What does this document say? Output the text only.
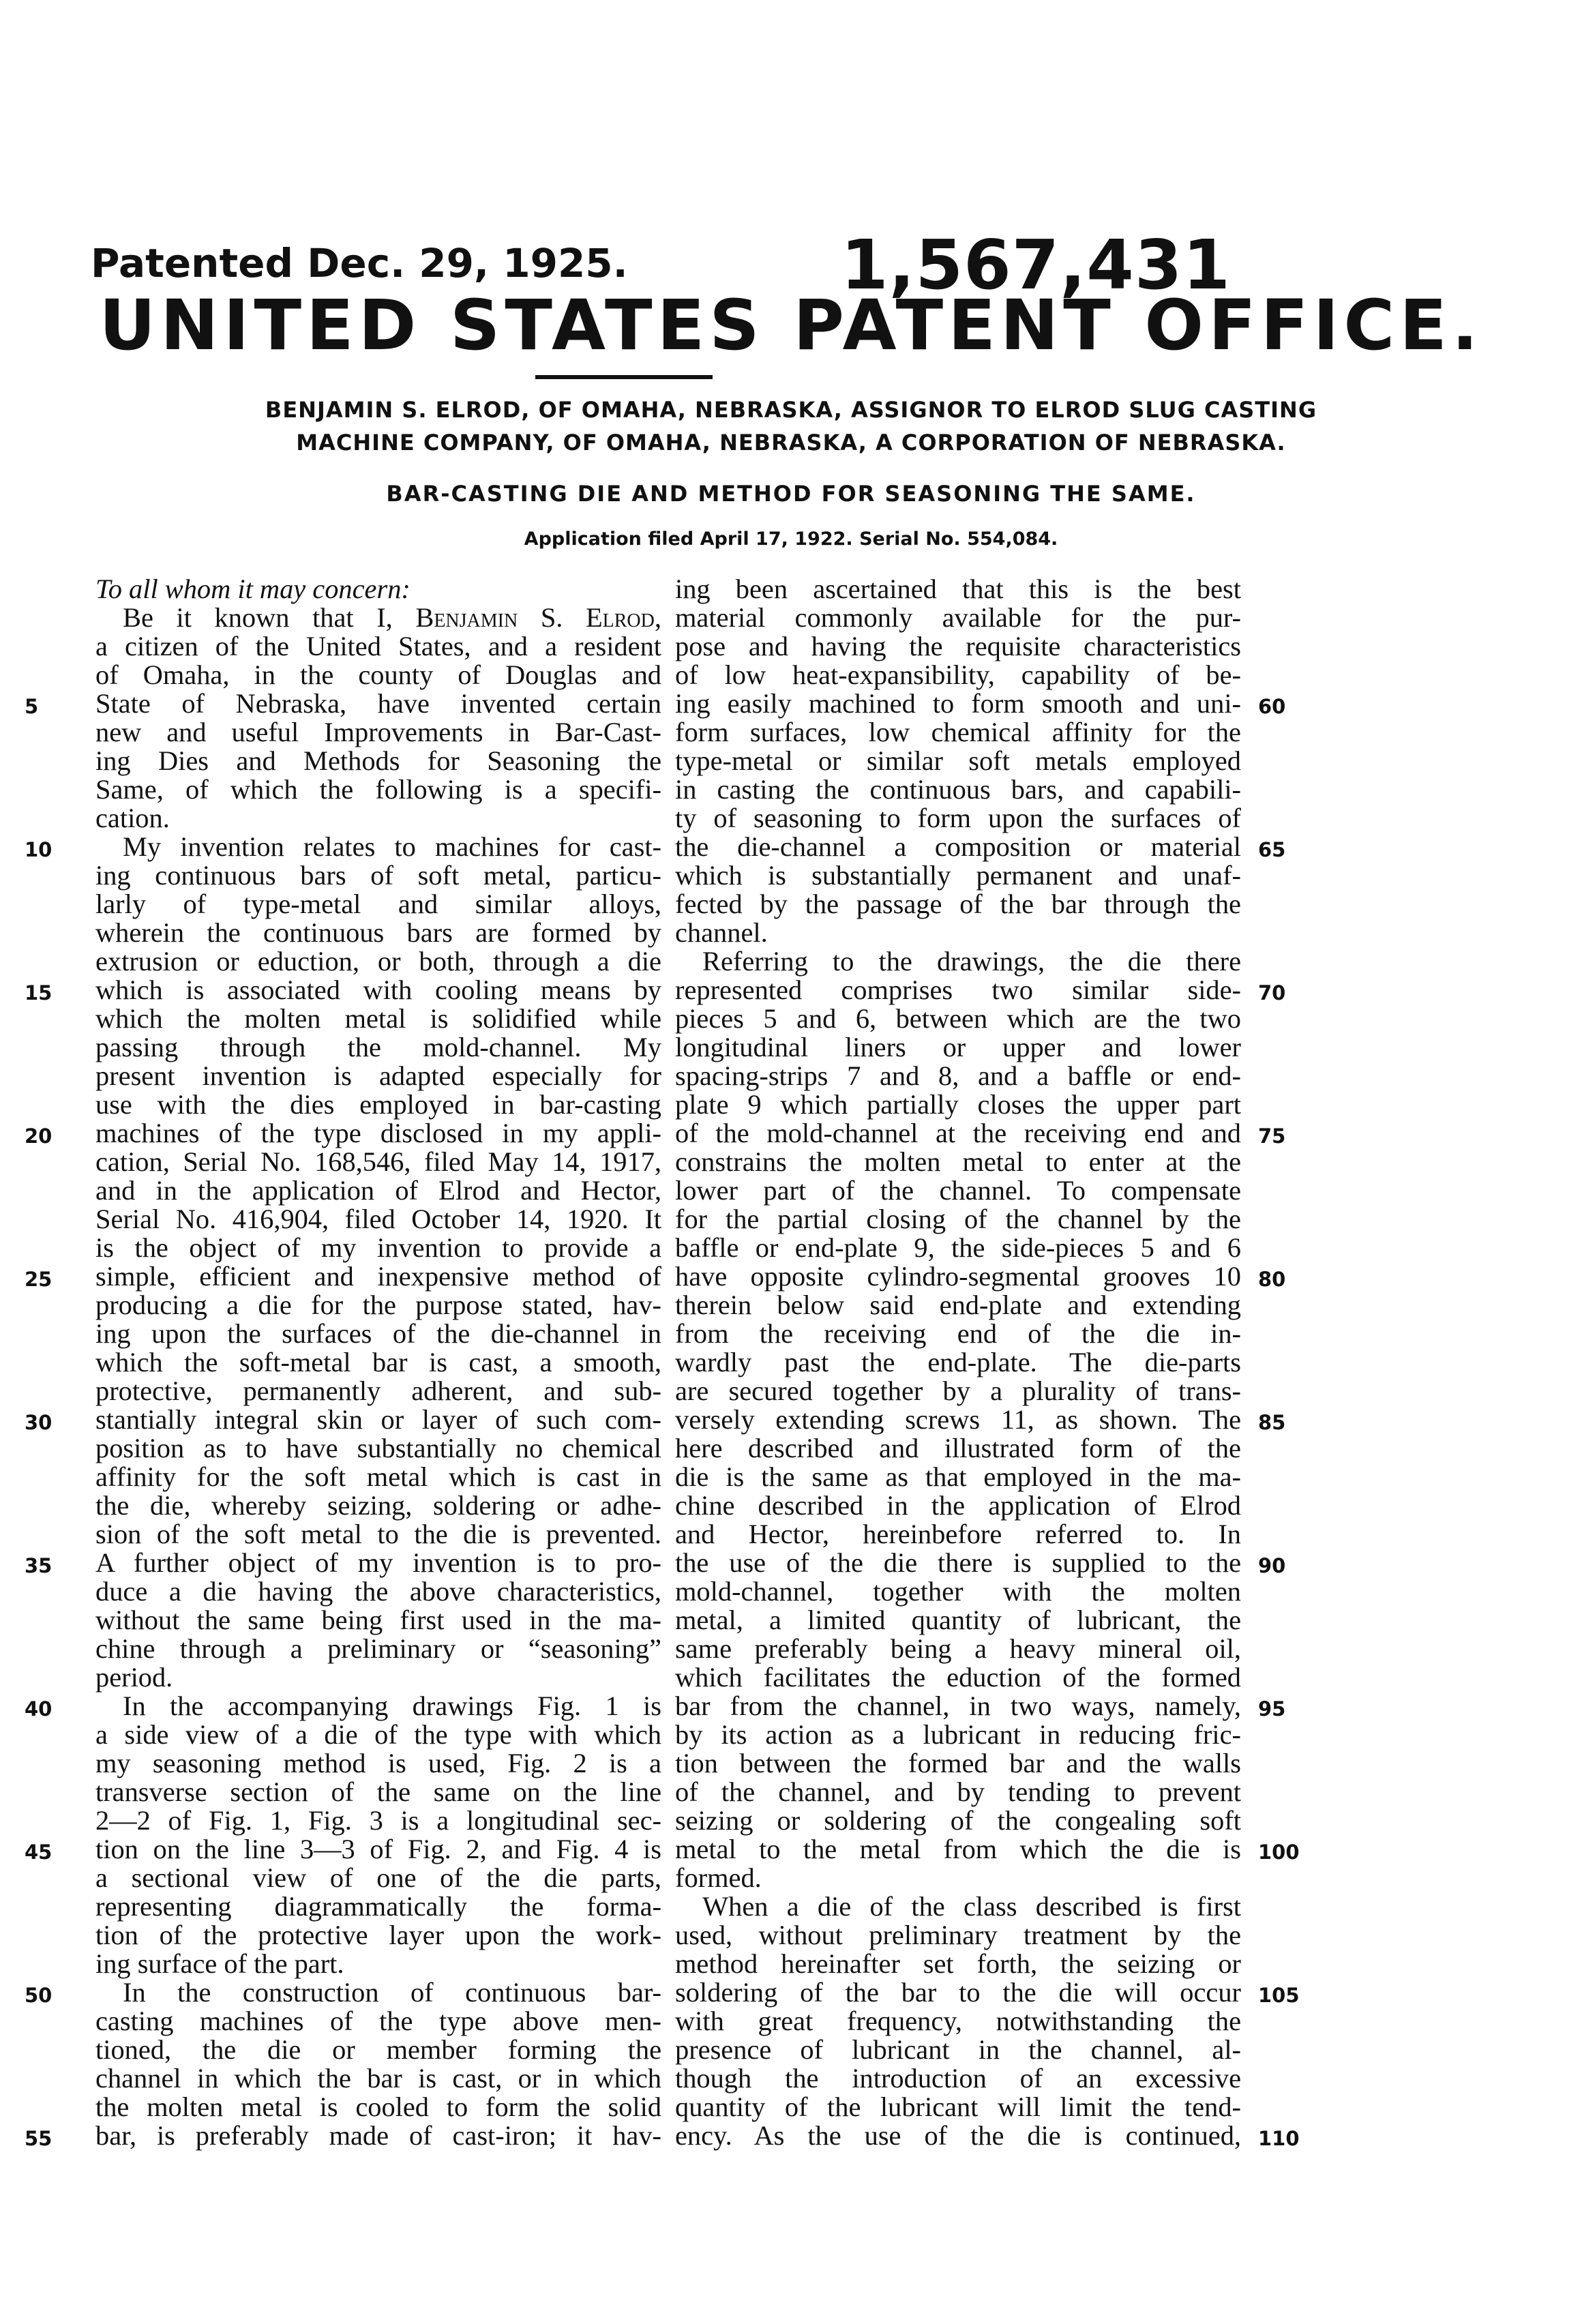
Patented Dec. 29, 1925.	1,567,431
UNITED STATES PATENT OFFICE.
BENJAMIN S. ELROD, OF OMAHA, NEBRASKA, ASSIGNOR TO ELROD SLUG CASTING
MACHINE COMPANY, OF OMAHA, NEBRASKA, A CORPORATION OF NEBRASKA.
BAR-CASTING DIE AND METHOD FOR SEASONING THE SAME.
Application filed April 17, 1922. Serial No. 554,084.
To all whom it may concern:
Be it known that I, Benjamin S. Elrod,
a citizen of the United States, and a resident
of Omaha, in the county of Douglas and
State of Nebraska, have invented certain
new and useful Improvements in Bar-Cast-
ing Dies and Methods for Seasoning the
Same, of which the following is a specifi-
cation.
My invention relates to machines for cast-
ing continuous bars of soft metal, particu-
larly of type-metal and similar alloys,
wherein the continuous bars are formed by
extrusion or eduction, or both, through a die
which is associated with cooling means by
which the molten metal is solidified while
passing through the mold-channel. My
present invention is adapted especially for
use with the dies employed in bar-casting
machines of the type disclosed in my appli-
cation, Serial No. 168,546, filed May 14, 1917,
and in the application of Elrod and Hector,
Serial No. 416,904, filed October 14, 1920. It
is the object of my invention to provide a
simple, efficient and inexpensive method of
producing a die for the purpose stated, hav-
ing upon the surfaces of the die-channel in
which the soft-metal bar is cast, a smooth,
protective, permanently adherent, and sub-
stantially integral skin or layer of such com-
position as to have substantially no chemical
affinity for the soft metal which is cast in
the die, whereby seizing, soldering or adhe-
sion of the soft metal to the die is prevented.
A further object of my invention is to pro-
duce a die having the above characteristics,
without the same being first used in the ma-
chine through a preliminary or “seasoning”
period.
In the accompanying drawings Fig. 1 is
a side view of a die of the type with which
my seasoning method is used, Fig. 2 is a
transverse section of the same on the line
2—2 of Fig. 1, Fig. 3 is a longitudinal sec-
tion on the line 3—3 of Fig. 2, and Fig. 4 is
a sectional view of one of the die parts,
representing diagrammatically the forma-
tion of the protective layer upon the work-
ing surface of the part.
In the construction of continuous bar-
casting machines of the type above men-
tioned, the die or member forming the
channel in which the bar is cast, or in which
the molten metal is cooled to form the solid
bar, is preferably made of cast-iron; it hav-
ing been ascertained that this is the best
material commonly available for the pur-
pose and having the requisite characteristics
of low heat-expansibility, capability of be-
ing easily machined to form smooth and uni-
form surfaces, low chemical affinity for the
type-metal or similar soft metals employed
in casting the continuous bars, and capabili-
ty of seasoning to form upon the surfaces of
the die-channel a composition or material
which is substantially permanent and unaf-
fected by the passage of the bar through the
channel.
Referring to the drawings, the die there
represented comprises two similar side-
pieces 5 and 6, between which are the two
longitudinal liners or upper and lower
spacing-strips 7 and 8, and a baffle or end-
plate 9 which partially closes the upper part
of the mold-channel at the receiving end and
constrains the molten metal to enter at the
lower part of the channel. To compensate
for the partial closing of the channel by the
baffle or end-plate 9, the side-pieces 5 and 6
have opposite cylindro-segmental grooves 10
therein below said end-plate and extending
from the receiving end of the die in-
wardly past the end-plate. The die-parts
are secured together by a plurality of trans-
versely extending screws 11, as shown. The
here described and illustrated form of the
die is the same as that employed in the ma-
chine described in the application of Elrod
and Hector, hereinbefore referred to. In
the use of the die there is supplied to the
mold-channel, together with the molten
metal, a limited quantity of lubricant, the
same preferably being a heavy mineral oil,
which facilitates the eduction of the formed
bar from the channel, in two ways, namely,
by its action as a lubricant in reducing fric-
tion between the formed bar and the walls
of the channel, and by tending to prevent
seizing or soldering of the congealing soft
metal to the metal from which the die is
formed.
When a die of the class described is first
used, without preliminary treatment by the
method hereinafter set forth, the seizing or
soldering of the bar to the die will occur
with great frequency, notwithstanding the
presence of lubricant in the channel, al-
though the introduction of an excessive
quantity of the lubricant will limit the tend-
ency. As the use of the die is continued,
5
10
15
20
25
30
35
40
45
50
55
60
65
70
75
80
85
90
95
100
105
110
